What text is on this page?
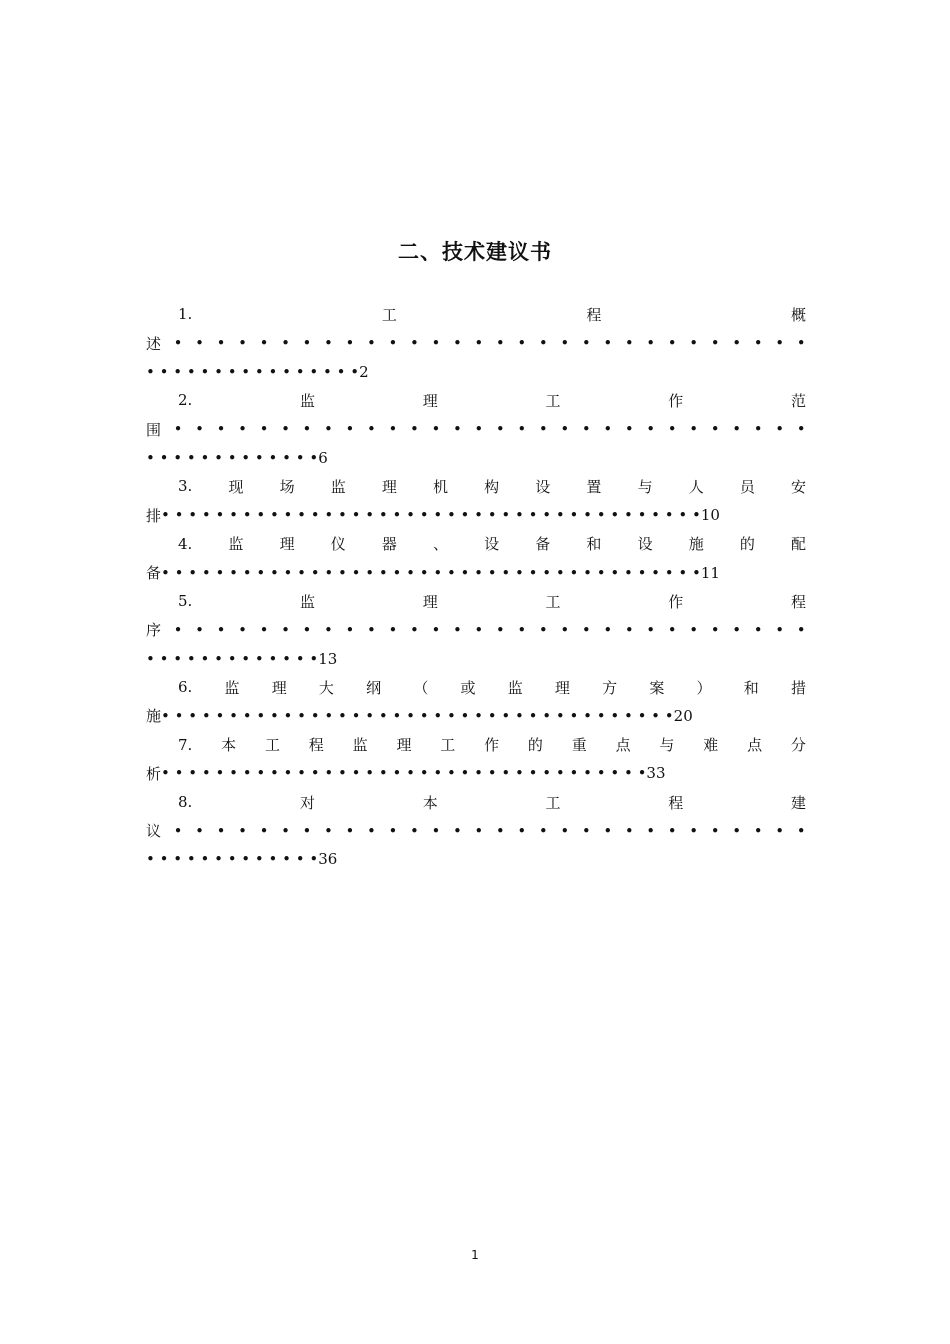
二、技术建议书
1.	工	程	概
述 • • • • • • • • • • • • • • • • • • • • • • • • • • • • • •
• • • • • • • • • • • • • • • • 2
2.	监	理	工	作	范
围 • • • • • • • • • • • • • • • • • • • • • • • • • • • • • •
• • • • • • • • • • • • • 6
3. 现 场 监 理 机 构 设 置 与 人 员 安
排 • • • • • • • • • • • • • • • • • • • • • • • • • • • • • • • • • • • • • • • • 10
4. 监 理 仪 器 、 设 备 和 设 施 的 配
备 • • • • • • • • • • • • • • • • • • • • • • • • • • • • • • • • • • • • • • • • 11
5.	监	理	工	作	程
序 • • • • • • • • • • • • • • • • • • • • • • • • • • • • • •
• • • • • • • • • • • • • 13
6. 监 理 大 纲 （ 或 监 理 方 案 ） 和 措
施 • • • • • • • • • • • • • • • • • • • • • • • • • • • • • • • • • • • • • • 20
7. 本 工 程 监 理 工 作 的 重 点 与 难 点 分
析 • • • • • • • • • • • • • • • • • • • • • • • • • • • • • • • • • • • • 33
8.	对	本	工	程	建
议 • • • • • • • • • • • • • • • • • • • • • • • • • • • • • •
• • • • • • • • • • • • • 36
1
